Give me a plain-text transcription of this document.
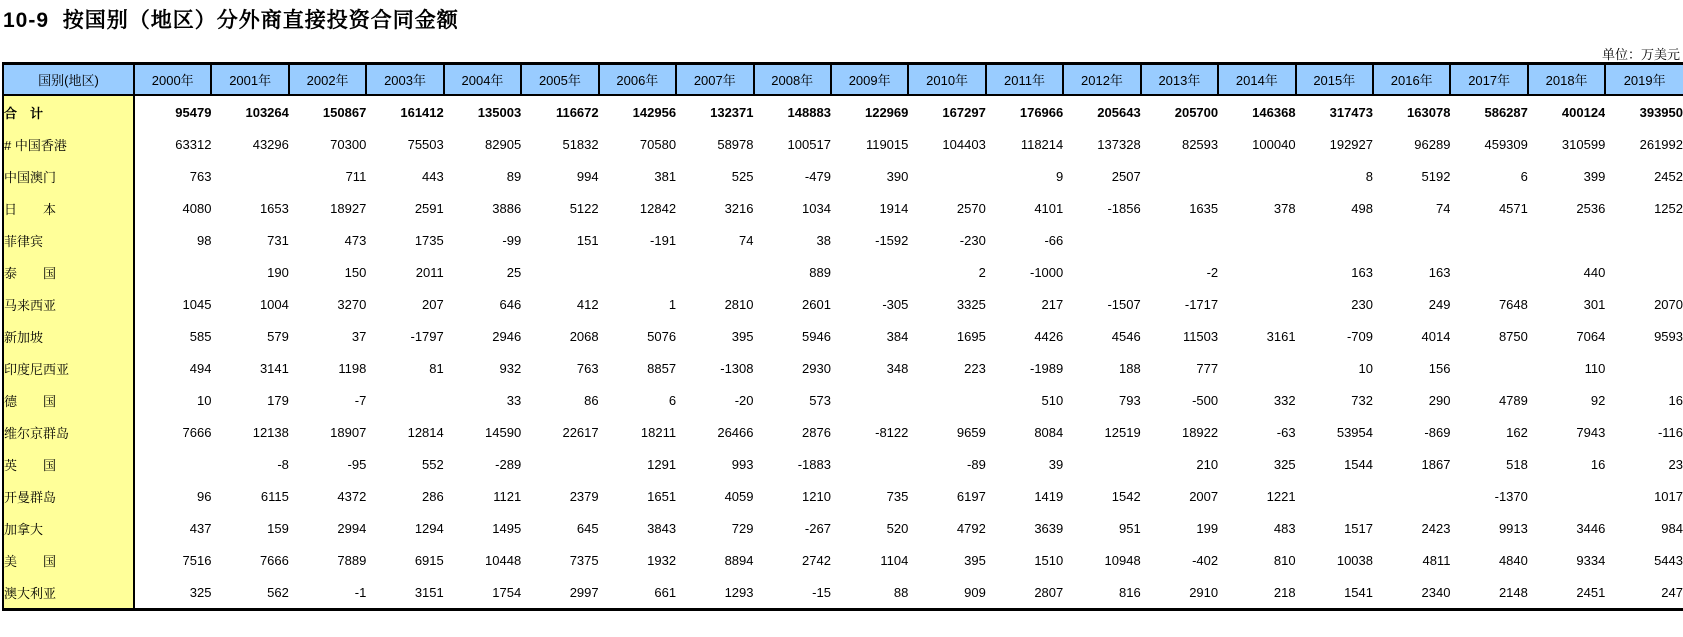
10-9  按国别（地区）分外商直接投资合同金额
单位：万美元
国别(地区)	2000年	2001年	2002年	2003年	2004年	2005年	2006年	2007年	2008年	2009年	2010年	2011年	2012年	2013年	2014年	2015年	2016年	2017年	2018年	2019年
合　计	95479	103264	150867	161412	135003	116672	142956	132371	148883	122969	167297	176966	205643	205700	146368	317473	163078	586287	400124	393950
# 中国香港	63312	43296	70300	75503	82905	51832	70580	58978	100517	119015	104403	118214	137328	82593	100040	192927	96289	459309	310599	261992
中国澳门	763		711	443	89	994	381	525	-479	390		9	2507			8	5192	6	399	2452
日　　本	4080	1653	18927	2591	3886	5122	12842	3216	1034	1914	2570	4101	-1856	1635	378	498	74	4571	2536	1252
菲律宾	98	731	473	1735	-99	151	-191	74	38	-1592	-230	-66								
泰　　国		190	150	2011	25				889		2	-1000		-2		163	163		440	
马来西亚	1045	1004	3270	207	646	412	1	2810	2601	-305	3325	217	-1507	-1717		230	249	7648	301	2070
新加坡	585	579	37	-1797	2946	2068	5076	395	5946	384	1695	4426	4546	11503	3161	-709	4014	8750	7064	9593
印度尼西亚	494	3141	1198	81	932	763	8857	-1308	2930	348	223	-1989	188	777		10	156		110	
德　　国	10	179	-7		33	86	6	-20	573			510	793	-500	332	732	290	4789	92	16
维尔京群岛	7666	12138	18907	12814	14590	22617	18211	26466	2876	-8122	9659	8084	12519	18922	-63	53954	-869	162	7943	-116
英　　国		-8	-95	552	-289		1291	993	-1883		-89	39		210	325	1544	1867	518	16	23
开曼群岛	96	6115	4372	286	1121	2379	1651	4059	1210	735	6197	1419	1542	2007	1221			-1370		1017
加拿大	437	159	2994	1294	1495	645	3843	729	-267	520	4792	3639	951	199	483	1517	2423	9913	3446	984
美　　国	7516	7666	7889	6915	10448	7375	1932	8894	2742	1104	395	1510	10948	-402	810	10038	4811	4840	9334	5443
澳大利亚	325	562	-1	3151	1754	2997	661	1293	-15	88	909	2807	816	2910	218	1541	2340	2148	2451	247
